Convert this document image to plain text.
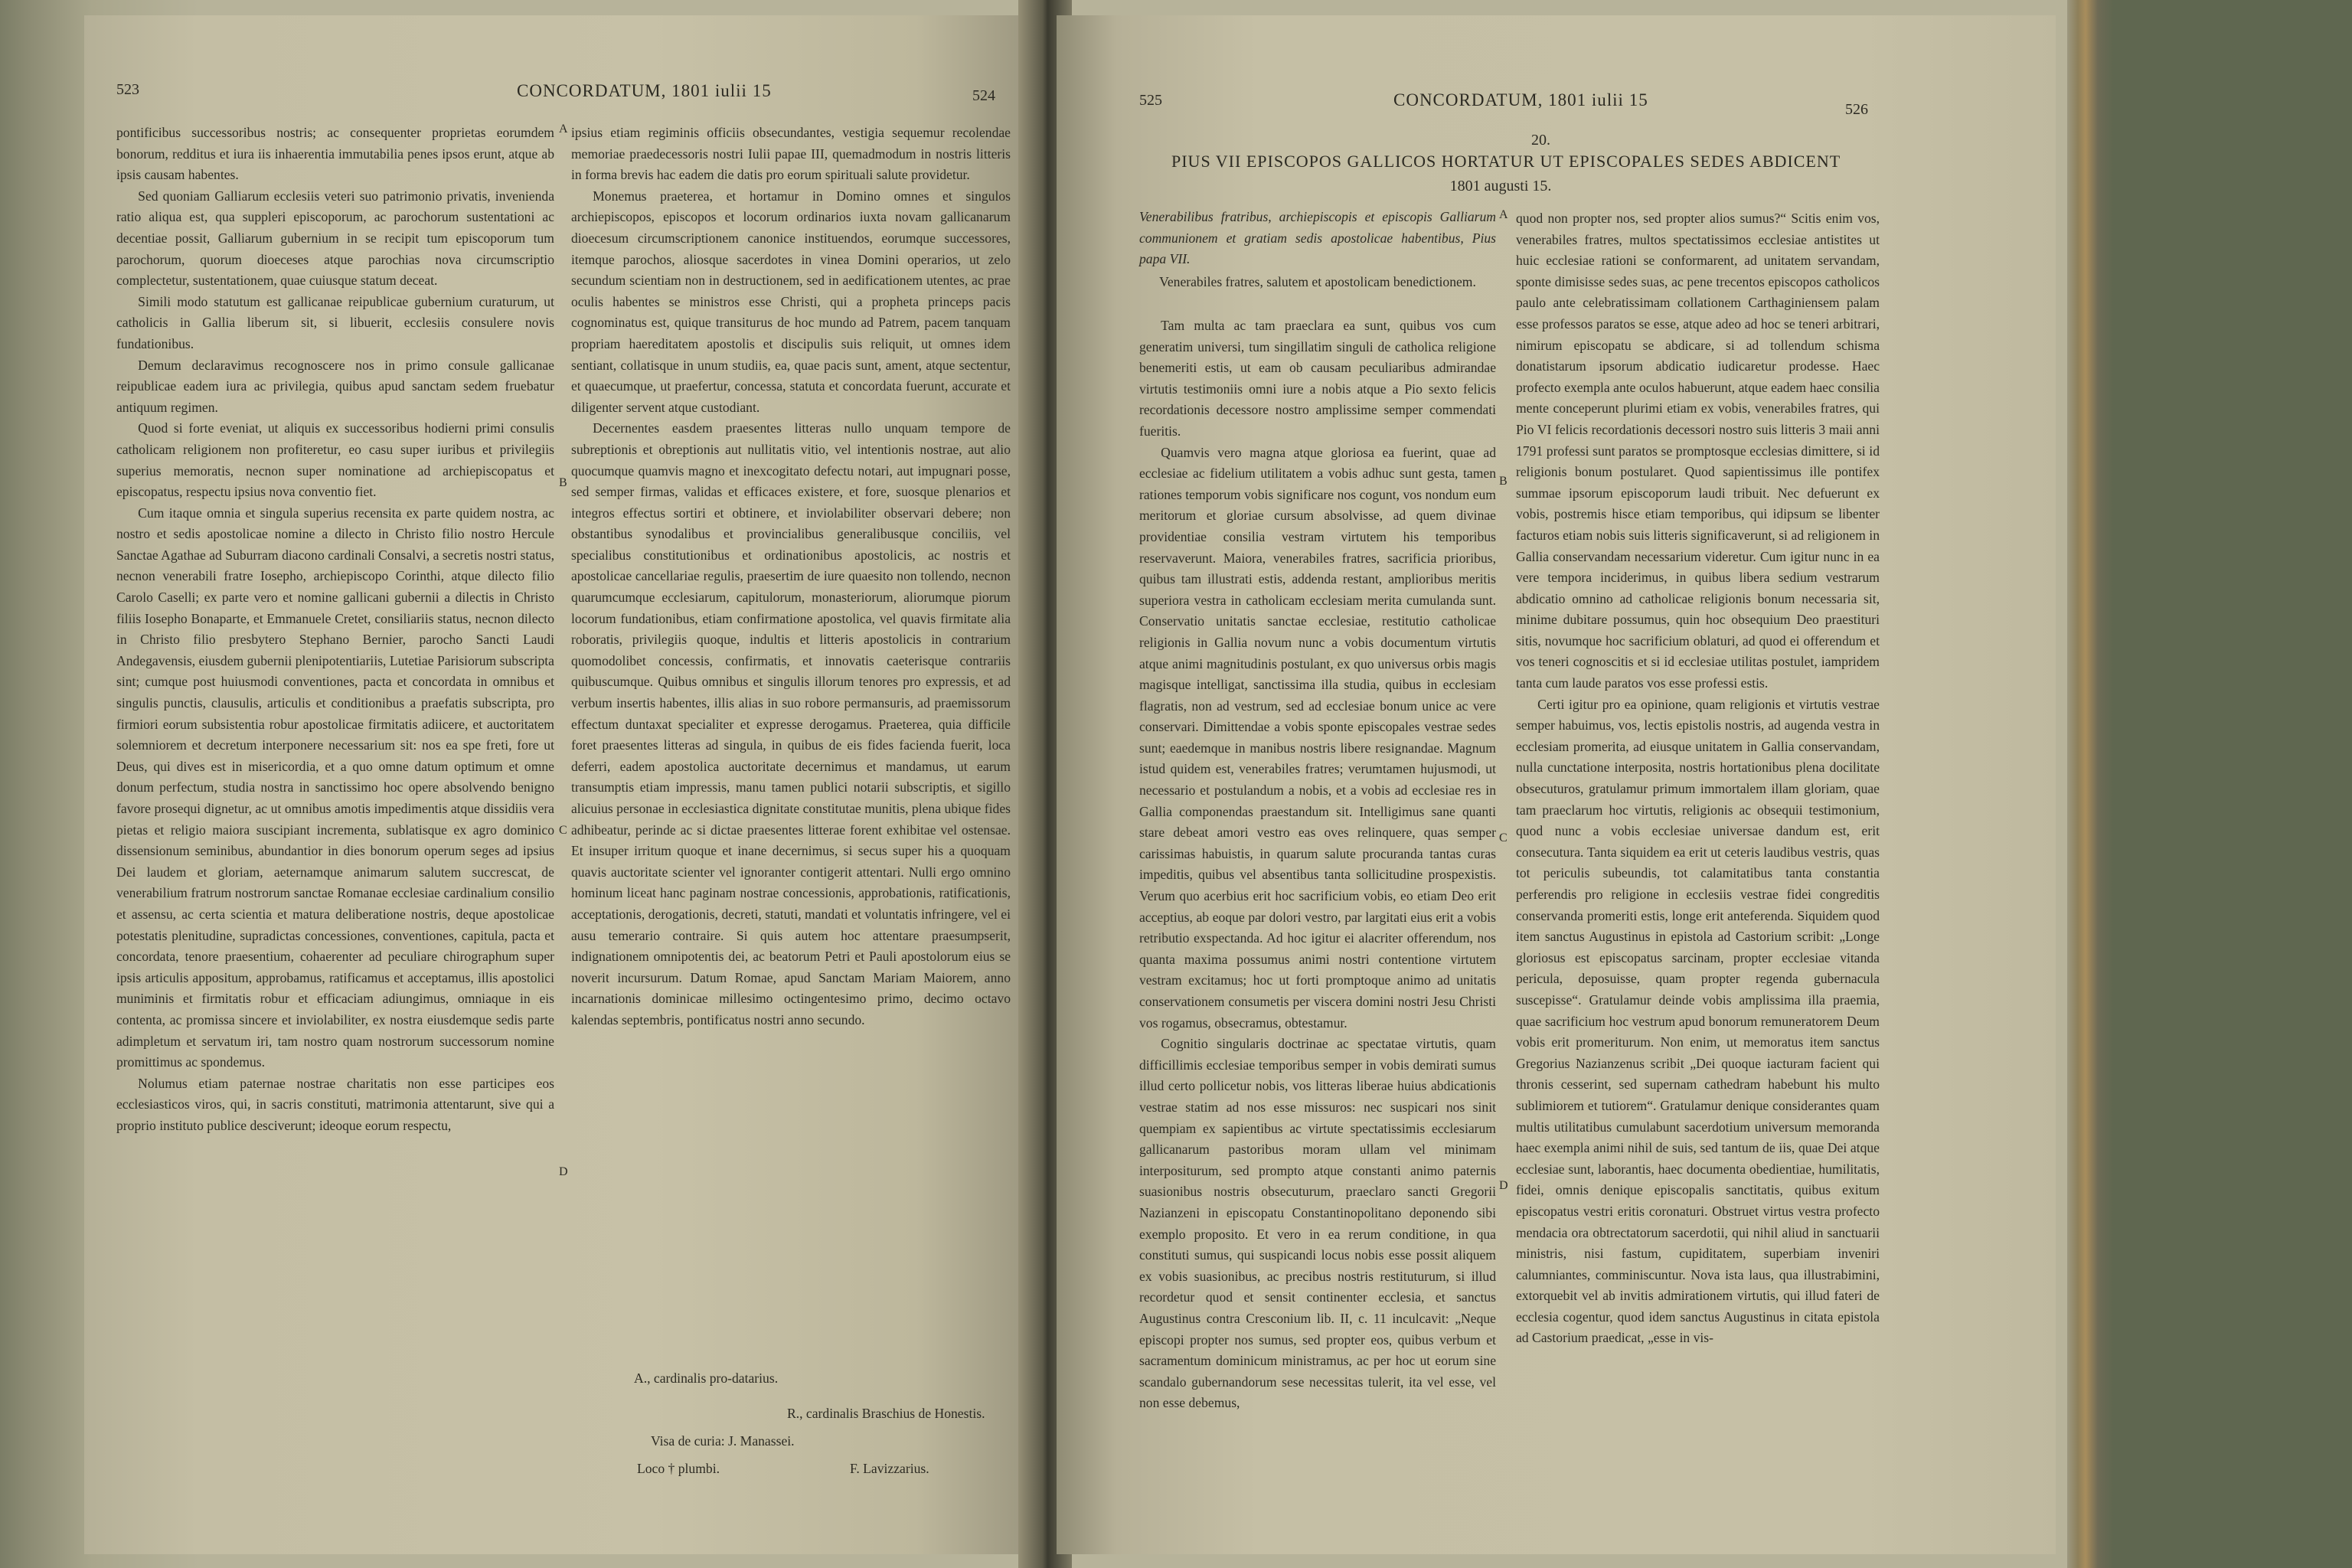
523	CONCORDATUM, 1801 iulii 15	524

pontificibus successoribus nostris; ac consequenter proprietas eorumdem bonorum, redditus et iura iis inhaerentia immutabilia penes ipsos erunt, atque ab ipsis causam habentes.

Sed quoniam Galliarum ecclesiis veteri suo patrimonio privatis, invenienda ratio aliqua est, qua suppleri episcoporum, ac parochorum sustentationi ac decentiae possit, Galliarum gubernium in se recipit tum episcoporum tum parochorum, quorum dioeceses atque parochias nova circumscriptio complectetur, sustentationem, quae cuiusque statum deceat.

Simili modo statutum est gallicanae reipublicae gubernium curaturum, ut catholicis in Gallia liberum sit, si libuerit, ecclesiis consulere novis fundationibus.

Demum declaravimus recognoscere nos in primo consule gallicanae reipublicae eadem iura ac privilegia, quibus apud sanctam sedem fruebatur antiquum regimen.

Quod si forte eveniat, ut aliquis ex successoribus hodierni primi consulis catholicam religionem non profiteretur, eo casu super iuribus et privilegiis superius memoratis, necnon super nominatione ad archiepiscopatus et episcopatus, respectu ipsius nova conventio fiet.

Cum itaque omnia et singula superius recensita ex parte quidem nostra, ac nostro et sedis apostolicae nomine a dilecto in Christo filio nostro Hercule Sanctae Agathae ad Suburram diacono cardinali Consalvi, a secretis nostri status, necnon venerabili fratre Iosepho, archiepiscopo Corinthi, atque dilecto filio Carolo Caselli; ex parte vero et nomine gallicani gubernii a dilectis in Christo filiis Iosepho Bonaparte, et Emmanuele Cretet, consiliariis status, necnon dilecto in Christo filio presbytero Stephano Bernier, parocho Sancti Laudi Andegavensis, eiusdem gubernii plenipotentiariis, Lutetiae Parisiorum subscripta sint; cumque post huiusmodi conventiones, pacta et concordata in omnibus et singulis punctis, clausulis, articulis et conditionibus a praefatis subscripta, pro firmiori eorum subsistentia robur apostolicae firmitatis adiicere, et auctoritatem solemniorem et decretum interponere necessarium sit: nos ea spe freti, fore ut Deus, qui dives est in misericordia, et a quo omne datum optimum et omne donum perfectum, studia nostra in sanctissimo hoc opere absolvendo benigno favore prosequi dignetur, ac ut omnibus amotis impedimentis atque dissidiis vera pietas et religio maiora suscipiant incrementa, sublatisque ex agro dominico dissensionum seminibus, abundantior in dies bonorum operum seges ad ipsius Dei laudem et gloriam, aeternamque animarum salutem succrescat, de venerabilium fratrum nostrorum sanctae Romanae ecclesiae cardinalium consilio et assensu, ac certa scientia et matura deliberatione nostris, deque apostolicae potestatis plenitudine, supradictas concessiones, conventiones, capitula, pacta et concordata, tenore praesentium, cohaerenter ad peculiare chirographum super ipsis articulis appositum, approbamus, ratificamus et acceptamus, illis apostolici muniminis et firmitatis robur et efficaciam adiungimus, omniaque in eis contenta, ac promissa sincere et inviolabiliter, ex nostra eiusdemque sedis parte adimpletum et servatum iri, tam nostro quam nostrorum successorum nomine promittimus ac spondemus.

Nolumus etiam paternae nostrae charitatis non esse participes eos ecclesiasticos viros, qui, in sacris constituti, matrimonia attentarunt, sive qui a proprio instituto publice desciverunt; ideoque eorum respectu,

ipsius etiam regiminis officiis obsecundantes, vestigia sequemur recolendae memoriae praedecessoris nostri Iulii papae III, quemadmodum in nostris litteris in forma brevis hac eadem die datis pro eorum spirituali salute providetur.

Monemus praeterea, et hortamur in Domino omnes et singulos archiepiscopos, episcopos et locorum ordinarios iuxta novam gallicanarum dioecesum circumscriptionem canonice instituendos, eorumque successores, itemque parochos, aliosque sacerdotes in vinea Domini operarios, ut zelo secundum scientiam non in destructionem, sed in aedificationem utentes, ac prae oculis habentes se ministros esse Christi, qui a propheta princeps pacis cognominatus est, quique transiturus de hoc mundo ad Patrem, pacem tanquam propriam haereditatem apostolis et discipulis suis reliquit, ut omnes idem sentiant, collatisque in unum studiis, ea, quae pacis sunt, ament, atque sectentur, et quaecumque, ut praefertur, concessa, statuta et concordata fuerunt, accurate et diligenter servent atque custodiant.

Decernentes easdem praesentes litteras nullo unquam tempore de subreptionis et obreptionis aut nullitatis vitio, vel intentionis nostrae, aut alio quocumque quamvis magno et inexcogitato defectu notari, aut impugnari posse, sed semper firmas, validas et efficaces existere, et fore, suosque plenarios et integros effectus sortiri et obtinere, et inviolabiliter observari debere; non obstantibus synodalibus et provincialibus generalibusque conciliis, vel specialibus constitutionibus et ordinationibus apostolicis, ac nostris et apostolicae cancellariae regulis, praesertim de iure quaesito non tollendo, necnon quarumcumque ecclesiarum, capitulorum, monasteriorum, aliorumque piorum locorum fundationibus, etiam confirmatione apostolica, vel quavis firmitate alia roboratis, privilegiis quoque, indultis et litteris apostolicis in contrarium quomodolibet concessis, confirmatis, et innovatis caeterisque contrariis quibuscumque. Quibus omnibus et singulis illorum tenores pro expressis, et ad verbum insertis habentes, illis alias in suo robore permansuris, ad praemissorum effectum duntaxat specialiter et expresse derogamus. Praeterea, quia difficile foret praesentes litteras ad singula, in quibus de eis fides facienda fuerit, loca deferri, eadem apostolica auctoritate decernimus et mandamus, ut earum transumptis etiam impressis, manu tamen publici notarii subscriptis, et sigillo alicuius personae in ecclesiastica dignitate constitutae munitis, plena ubique fides adhibeatur, perinde ac si dictae praesentes litterae forent exhibitae vel ostensae. Et insuper irritum quoque et inane decernimus, si secus super his a quoquam quavis auctoritate scienter vel ignoranter contigerit attentari. Nulli ergo omnino hominum liceat hanc paginam nostrae concessionis, approbationis, ratificationis, acceptationis, derogationis, decreti, statuti, mandati et voluntatis infringere, vel ei ausu temerario contraire. Si quis autem hoc attentare praesumpserit, indignationem omnipotentis dei, ac beatorum Petri et Pauli apostolorum eius se noverit incursurum. Datum Romae, apud Sanctam Mariam Maiorem, anno incarnationis dominicae millesimo octingentesimo primo, decimo octavo kalendas septembris, pontificatus nostri anno secundo.

A
B
C
D
A., cardinalis pro-datarius.
R., cardinalis Braschius de Honestis.
Visa de curia: J. Manassei.
Loco † plumbi.	F. Lavizzarius.
525	CONCORDATUM, 1801 iulii 15	526
20.
PIUS VII EPISCOPOS GALLICOS HORTATUR UT EPISCOPALES SEDES ABDICENT
1801 augusti 15.
Venerabilibus fratribus, archiepiscopis et episcopis Galliarum communionem et gratiam sedis apostolicae habentibus, Pius papa VII.
Venerabiles fratres, salutem et apostolicam benedictionem.

Tam multa ac tam praeclara ea sunt, quibus vos cum generatim universi, tum singillatim singuli de catholica religione benemeriti estis, ut eam ob causam peculiaribus admirandae virtutis testimoniis omni iure a nobis atque a Pio sexto felicis recordationis decessore nostro amplissime semper commendati fueritis.

Quamvis vero magna atque gloriosa ea fuerint, quae ad ecclesiae ac fidelium utilitatem a vobis adhuc sunt gesta, tamen rationes temporum vobis significare nos cogunt, vos nondum eum meritorum et gloriae cursum absolvisse, ad quem divinae providentiae consilia vestram virtutem his temporibus reservaverunt. Maiora, venerabiles fratres, sacrificia prioribus, quibus tam illustrati estis, addenda restant, amplioribus meritis superiora vestra in catholicam ecclesiam merita cumulanda sunt. Conservatio unitatis sanctae ecclesiae, restitutio catholicae religionis in Gallia novum nunc a vobis documentum virtutis atque animi magnitudinis postulant, ex quo universus orbis magis magisque intelligat, sanctissima illa studia, quibus in ecclesiam flagratis, non ad vestrum, sed ad ecclesiae bonum unice ac vere conservari. Dimittendae a vobis sponte episcopales vestrae sedes sunt; eaedemque in manibus nostris libere resignandae. Magnum istud quidem est, venerabiles fratres; verumtamen hujusmodi, ut necessario et postulandum a nobis, et a vobis ad ecclesiae res in Gallia componendas praestandum sit. Intelligimus sane quanti stare debeat amori vestro eas oves relinquere, quas semper carissimas habuistis, in quarum salute procuranda tantas curas impeditis, quibus vel absentibus tanta sollicitudine prospexistis. Verum quo acerbius erit hoc sacrificium vobis, eo etiam Deo erit acceptius, ab eoque par dolori vestro, par largitati eius erit a vobis retributio exspectanda. Ad hoc igitur ei alacriter offerendum, nos quanta maxima possumus animi nostri contentione virtutem vestram excitamus; hoc ut forti promptoque animo ad unitatis conservationem consumetis per viscera domini nostri Jesu Christi vos rogamus, obsecramus, obtestamur.

Cognitio singularis doctrinae ac spectatae virtutis, quam difficillimis ecclesiae temporibus semper in vobis demirati sumus illud certo pollicetur nobis, vos litteras liberae huius abdicationis vestrae statim ad nos esse missuros: nec suspicari nos sinit quempiam ex sapientibus ac virtute spectatissimis ecclesiarum gallicanarum pastoribus moram ullam vel minimam interpositurum, sed prompto atque constanti animo paternis suasionibus nostris obsecuturum, praeclaro sancti Gregorii Nazianzeni in episcopatu Constantinopolitano deponendo sibi exemplo proposito. Et vero in ea rerum conditione, in qua constituti sumus, qui suspicandi locus nobis esse possit aliquem ex vobis suasionibus, ac precibus nostris restituturum, si illud recordetur quod et sensit continenter ecclesia, et sanctus Augustinus contra Cresconium lib. II, c. 11 inculcavit: „Neque episcopi propter nos sumus, sed propter eos, quibus verbum et sacramentum dominicum ministramus, ac per hoc ut eorum sine scandalo gubernandorum sese necessitas tulerit, ita vel esse, vel non esse debemus,

quod non propter nos, sed propter alios sumus?“ Scitis enim vos, venerabiles fratres, multos spectatissimos ecclesiae antistites ut huic ecclesiae rationi se conformarent, ad unitatem servandam, sponte dimisisse sedes suas, ac pene trecentos episcopos catholicos paulo ante celebratissimam collationem Carthaginiensem palam esse professos paratos se esse, atque adeo ad hoc se teneri arbitrari, nimirum episcopatu se abdicare, si ad tollendum schisma donatistarum ipsorum abdicatio iudicaretur prodesse. Haec profecto exempla ante oculos habuerunt, atque eadem haec consilia mente conceperunt plurimi etiam ex vobis, venerabiles fratres, qui Pio VI felicis recordationis decessori nostro suis litteris 3 maii anni 1791 professi sunt paratos se promptosque ecclesias dimittere, si id religionis bonum postularet. Quod sapientissimus ille pontifex summae ipsorum episcoporum laudi tribuit. Nec defuerunt ex vobis, postremis hisce etiam temporibus, qui idipsum se libenter facturos etiam nobis suis litteris significaverunt, si ad religionem in Gallia conservandam necessarium videretur. Cum igitur nunc in ea vere tempora inciderimus, in quibus libera sedium vestrarum abdicatio omnino ad catholicae religionis bonum necessaria sit, minime dubitare possumus, quin hoc obsequium Deo praestituri sitis, novumque hoc sacrificium oblaturi, ad quod ei offerendum et vos teneri cognoscitis et si id ecclesiae utilitas postulet, iampridem tanta cum laude paratos vos esse professi estis.

Certi igitur pro ea opinione, quam religionis et virtutis vestrae semper habuimus, vos, lectis epistolis nostris, ad augenda vestra in ecclesiam promerita, ad eiusque unitatem in Gallia conservandam, nulla cunctatione interposita, nostris hortationibus plena docilitate obsecuturos, gratulamur primum immortalem illam gloriam, quae tam praeclarum hoc virtutis, religionis ac obsequii testimonium, quod nunc a vobis ecclesiae universae dandum est, erit consecutura. Tanta siquidem ea erit ut ceteris laudibus vestris, quas tot periculis subeundis, tot calamitatibus tanta constantia perferendis pro religione in ecclesiis vestrae fidei congreditis conservanda promeriti estis, longe erit anteferenda. Siquidem quod item sanctus Augustinus in epistola ad Castorium scribit: „Longe gloriosus est episcopatus sarcinam, propter ecclesiae vitanda pericula, deposuisse, quam propter regenda gubernacula suscepisse“. Gratulamur deinde vobis amplissima illa praemia, quae sacrificium hoc vestrum apud bonorum remuneratorem Deum vobis erit promeriturum. Non enim, ut memoratus item sanctus Gregorius Nazianzenus scribit „Dei quoque iacturam facient qui thronis cesserint, sed supernam cathedram habebunt his multo sublimiorem et tutiorem“. Gratulamur denique considerantes quam multis utilitatibus cumulabunt sacerdotium universum memoranda haec exempla animi nihil de suis, sed tantum de iis, quae Dei atque ecclesiae sunt, laborantis, haec documenta obedientiae, humilitatis, fidei, omnis denique episcopalis sanctitatis, quibus exitum episcopatus vestri eritis coronaturi. Obstruet virtus vestra profecto mendacia ora obtrectatorum sacerdotii, qui nihil aliud in sanctuarii ministris, nisi fastum, cupiditatem, superbiam inveniri calumniantes, comminiscuntur. Nova ista laus, qua illustrabimini, extorquebit vel ab invitis admirationem virtutis, qui illud fateri de ecclesia cogentur, quod idem sanctus Augustinus in citata epistola ad Castorium praedicat, „esse in vis-

A
B
C
D
